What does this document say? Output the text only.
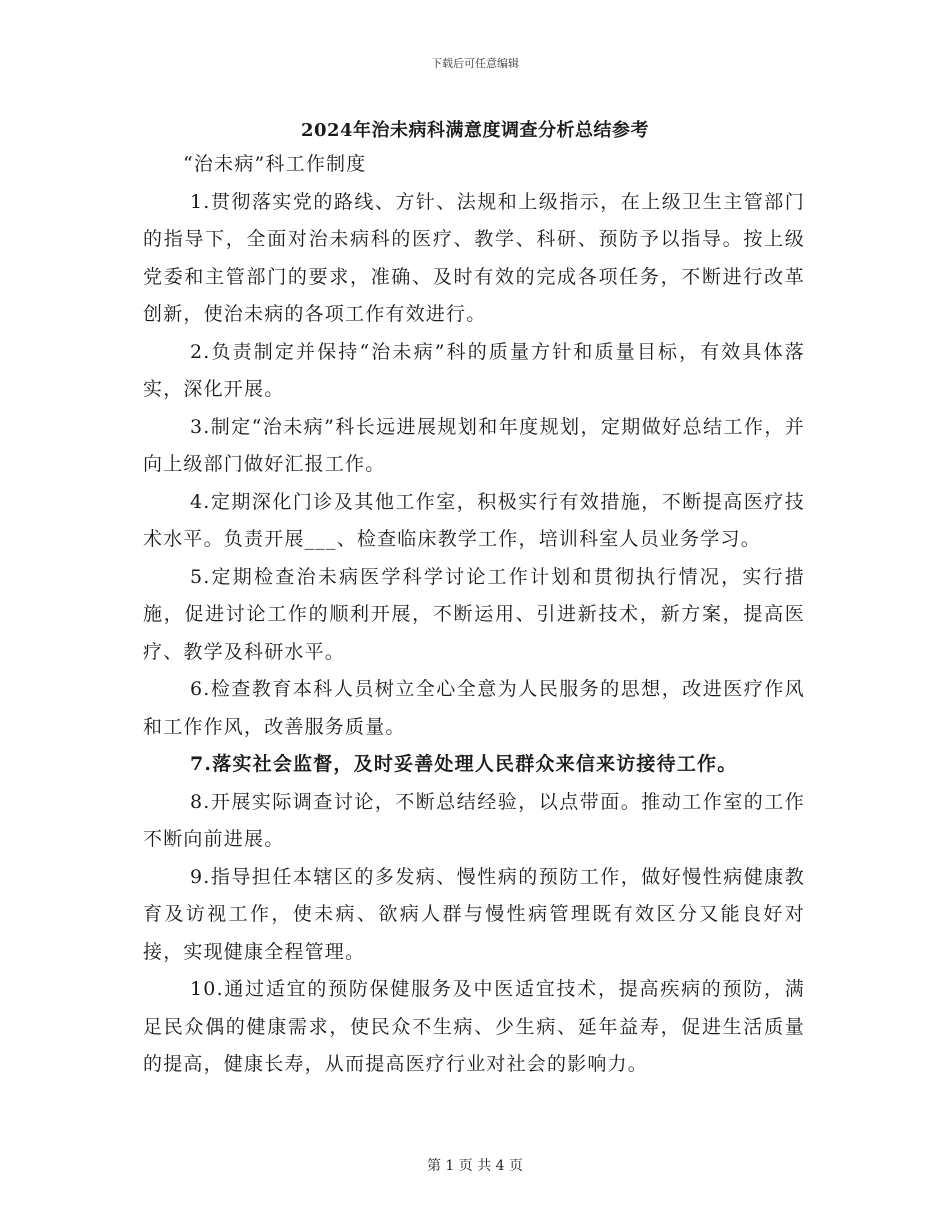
下载后可任意编辑
2024年治未病科满意度调查分析总结参考

“治未病”科工作制度

1.贯彻落实党的路线、方针、法规和上级指示，在上级卫生主管部门的指导下，全面对治未病科的医疗、教学、科研、预防予以指导。按上级党委和主管部门的要求，准确、及时有效的完成各项任务，不断进行改革创新，使治未病的各项工作有效进行。

2.负责制定并保持“治未病”科的质量方针和质量目标，有效具体落实，深化开展。

3.制定“治未病”科长远进展规划和年度规划，定期做好总结工作，并向上级部门做好汇报工作。

4.定期深化门诊及其他工作室，积极实行有效措施，不断提高医疗技术水平。负责开展___、检查临床教学工作，培训科室人员业务学习。

5.定期检查治未病医学科学讨论工作计划和贯彻执行情况，实行措施，促进讨论工作的顺利开展，不断运用、引进新技术，新方案，提高医疗、教学及科研水平。

6.检查教育本科人员树立全心全意为人民服务的思想，改进医疗作风和工作作风，改善服务质量。

7.落实社会监督，及时妥善处理人民群众来信来访接待工作。

8.开展实际调查讨论，不断总结经验，以点带面。推动工作室的工作不断向前进展。

9.指导担任本辖区的多发病、慢性病的预防工作，做好慢性病健康教育及访视工作，使未病、欲病人群与慢性病管理既有效区分又能良好对接，实现健康全程管理。

10.通过适宜的预防保健服务及中医适宜技术，提高疾病的预防，满足民众偶的健康需求，使民众不生病、少生病、延年益寿，促进生活质量的提高，健康长寿，从而提高医疗行业对社会的影响力。

第 1 页 共 4 页
